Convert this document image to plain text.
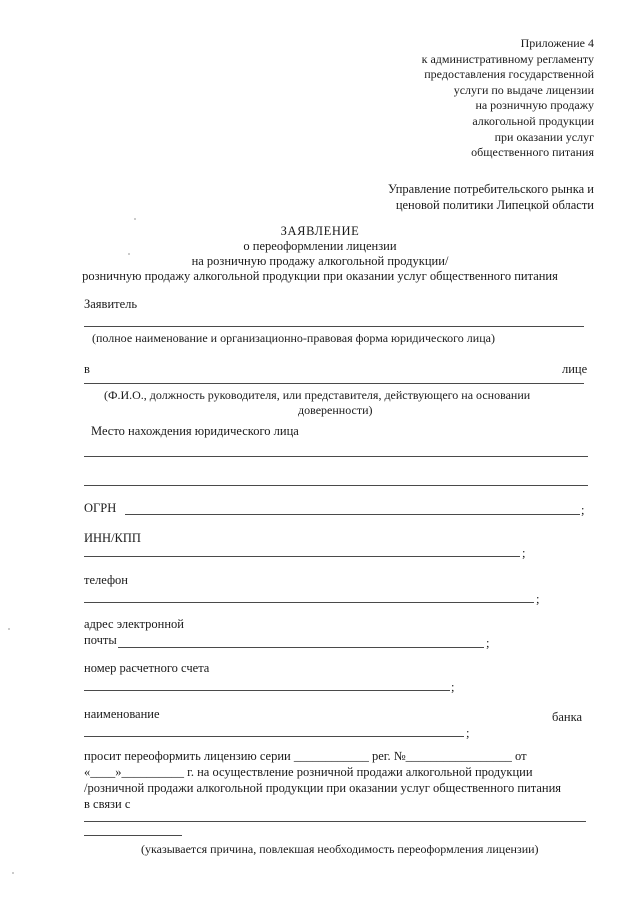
Приложение 4
к административному регламенту
предоставления государственной
услуги по выдаче лицензии
на розничную продажу
алкогольной продукции
при оказании услуг
общественного питания
Управление потребительского рынка и
ценовой политики Липецкой области
ЗАЯВЛЕНИЕ
о переоформлении лицензии
на розничную продажу алкогольной продукции/
розничную продажу алкогольной продукции при оказании услуг общественного питания
Заявитель
(полное наименование и организационно-правовая форма юридического лица)
в	лице
(Ф.И.О., должность руководителя, или представителя, действующего на основании
доверенности)
Место нахождения юридического лица
ОГРН	;
ИНН/КПП
;
телефон
;
адрес электронной
почты	;
номер расчетного счета
;
наименование	банка
;
просит переоформить лицензию серии ____________ рег. №_________________ от
«____»__________ г. на осуществление розничной продажи алкогольной продукции
/розничной продажи алкогольной продукции при оказании услуг общественного питания
в связи с
(указывается причина, повлекшая необходимость переоформления лицензии)
